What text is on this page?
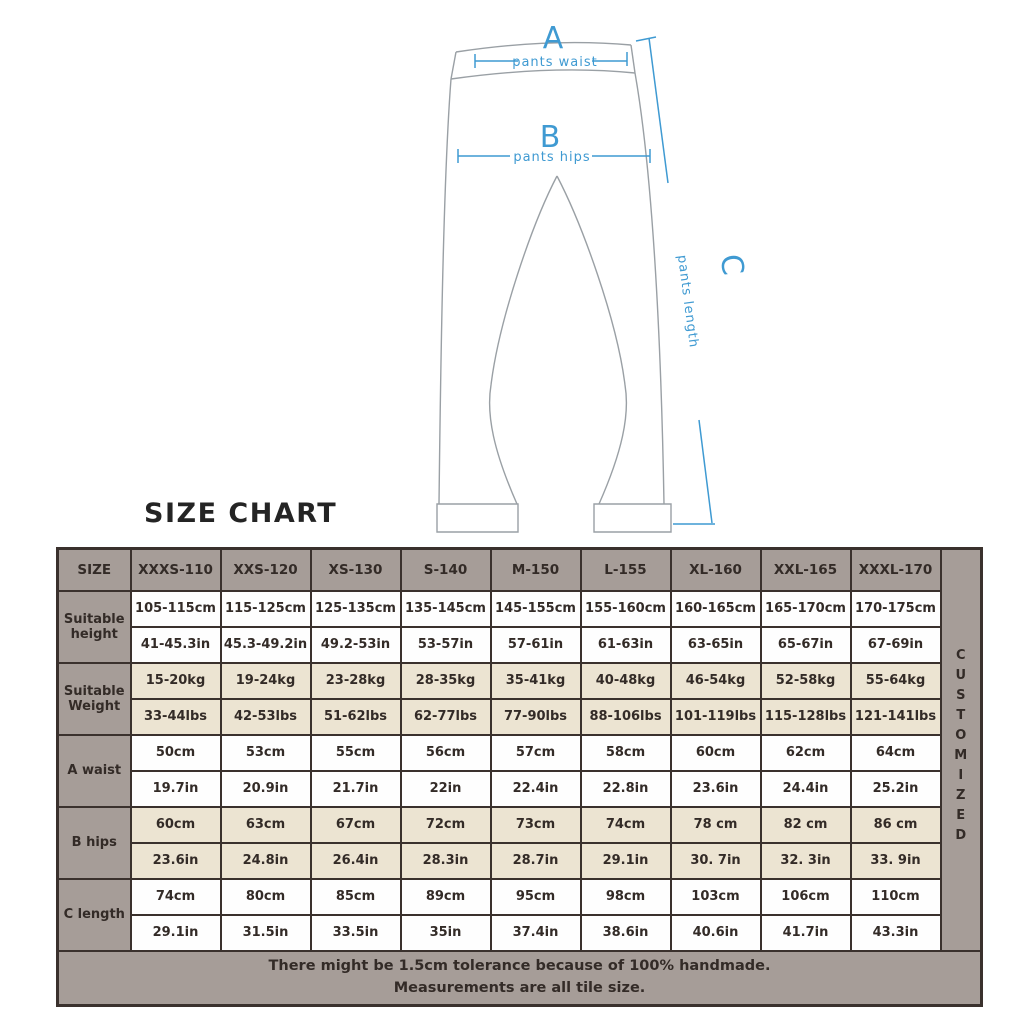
A
pants waist
B
pants hips
pants length C
SIZE CHART
SIZE	XXXS-110	XXS-120	XS-130	S-140	M-150	L-155	XL-160	XXL-165	XXXL-170	CUSTOMIZED
Suitable height	105-115cm	115-125cm	125-135cm	135-145cm	145-155cm	155-160cm	160-165cm	165-170cm	170-175cm	
	41-45.3in	45.3-49.2in	49.2-53in	53-57in	57-61in	61-63in	63-65in	65-67in	67-69in	
Suitable Weight	15-20kg	19-24kg	23-28kg	28-35kg	35-41kg	40-48kg	46-54kg	52-58kg	55-64kg	
	33-44lbs	42-53lbs	51-62lbs	62-77lbs	77-90lbs	88-106lbs	101-119lbs	115-128lbs	121-141lbs	
A waist	50cm	53cm	55cm	56cm	57cm	58cm	60cm	62cm	64cm	
	19.7in	20.9in	21.7in	22in	22.4in	22.8in	23.6in	24.4in	25.2in	
B hips	60cm	63cm	67cm	72cm	73cm	74cm	78 cm	82 cm	86 cm	
	23.6in	24.8in	26.4in	28.3in	28.7in	29.1in	30. 7in	32. 3in	33. 9in	
C length	74cm	80cm	85cm	89cm	95cm	98cm	103cm	106cm	110cm	
	29.1in	31.5in	33.5in	35in	37.4in	38.6in	40.6in	41.7in	43.3in	

There might be 1.5cm tolerance because of 100% handmade.
Measurements are all tile size.										
